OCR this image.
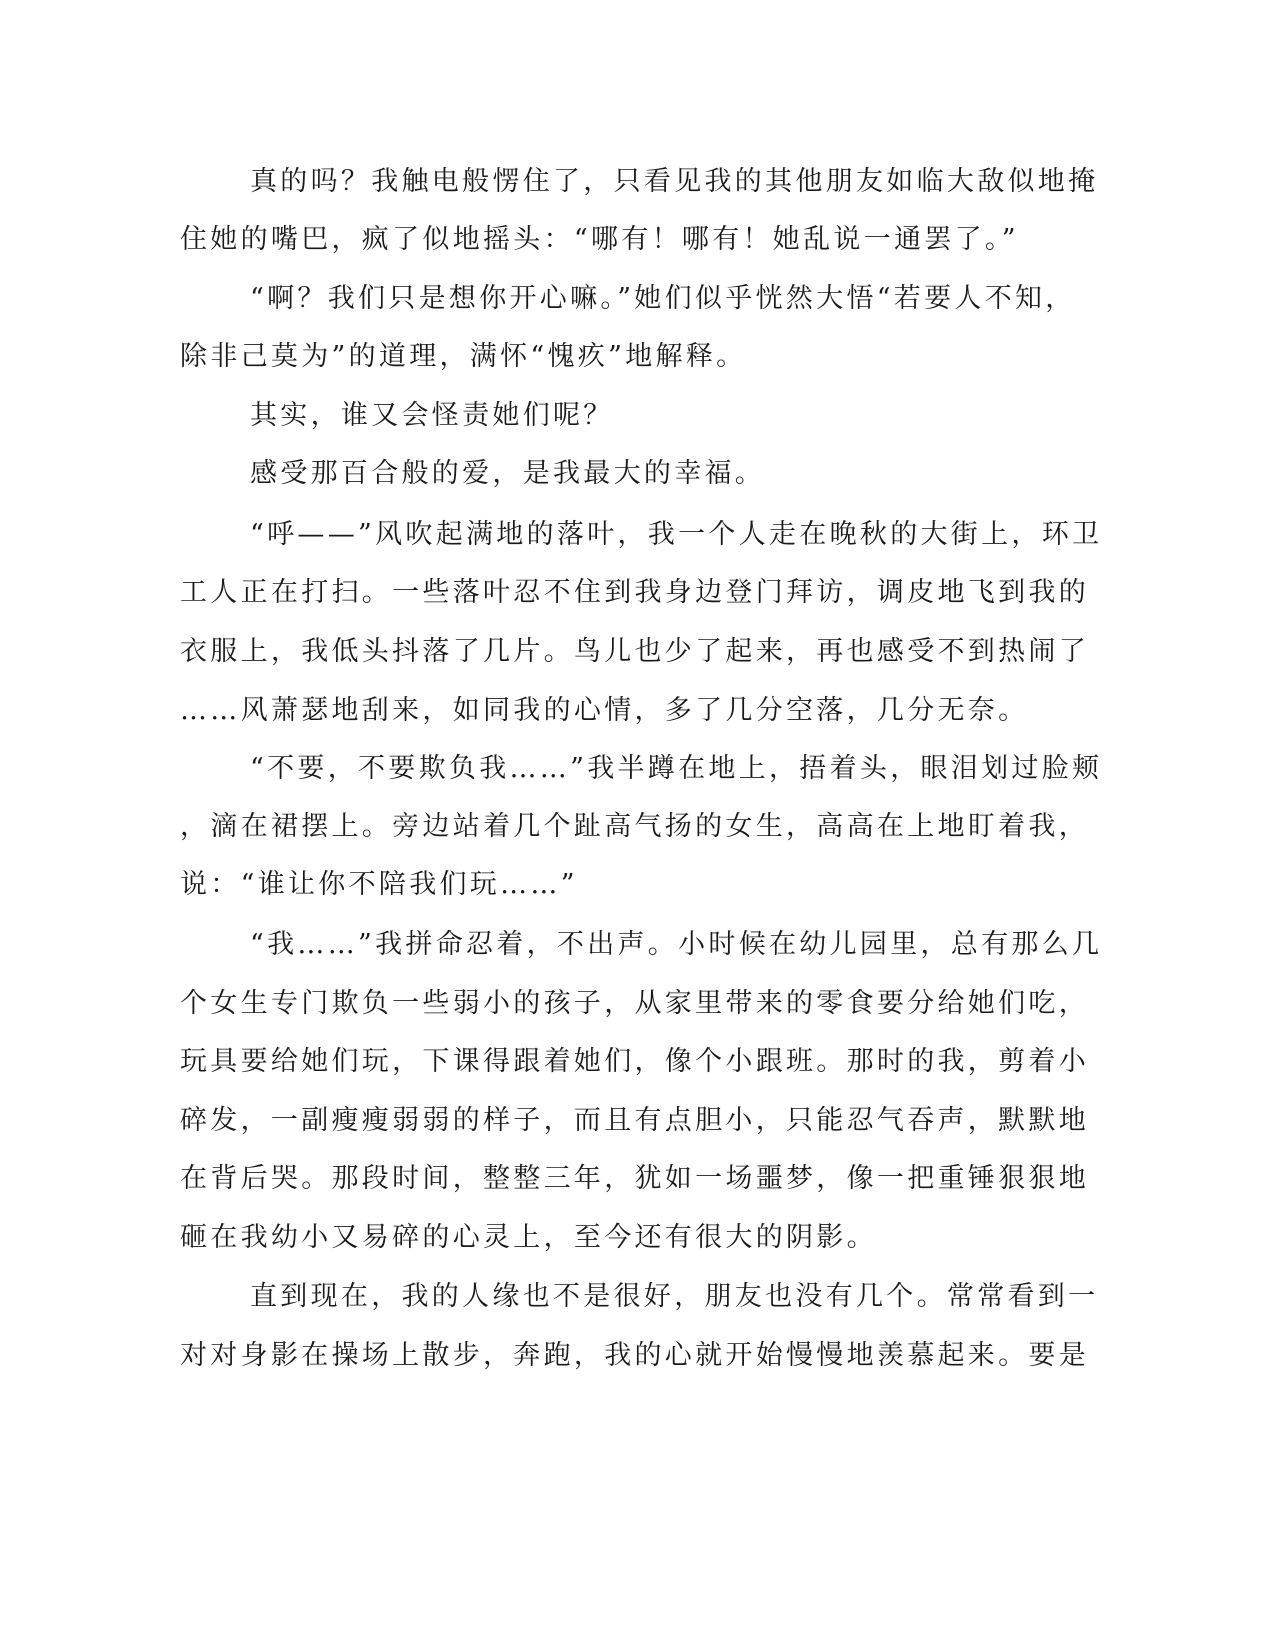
真的吗？我触电般愣住了，只看见我的其他朋友如临大敌似地掩
住她的嘴巴，疯了似地摇头：“哪有！哪有！她乱说一通罢了。”
“啊？我们只是想你开心嘛。”她们似乎恍然大悟“若要人不知，
除非己莫为”的道理，满怀“愧疚”地解释。
其实，谁又会怪责她们呢？
感受那百合般的爱，是我最大的幸福。
“呼——”风吹起满地的落叶，我一个人走在晚秋的大街上，环卫
工人正在打扫。一些落叶忍不住到我身边登门拜访，调皮地飞到我的
衣服上，我低头抖落了几片。鸟儿也少了起来，再也感受不到热闹了
……风萧瑟地刮来，如同我的心情，多了几分空落，几分无奈。
“不要，不要欺负我……”我半蹲在地上，捂着头，眼泪划过脸颊
，滴在裙摆上。旁边站着几个趾高气扬的女生，高高在上地盯着我，
说：“谁让你不陪我们玩……”
“我……”我拼命忍着，不出声。小时候在幼儿园里，总有那么几
个女生专门欺负一些弱小的孩子，从家里带来的零食要分给她们吃，
玩具要给她们玩，下课得跟着她们，像个小跟班。那时的我，剪着小
碎发，一副瘦瘦弱弱的样子，而且有点胆小，只能忍气吞声，默默地
在背后哭。那段时间，整整三年，犹如一场噩梦，像一把重锤狠狠地
砸在我幼小又易碎的心灵上，至今还有很大的阴影。
直到现在，我的人缘也不是很好，朋友也没有几个。常常看到一
对对身影在操场上散步，奔跑，我的心就开始慢慢地羡慕起来。要是
